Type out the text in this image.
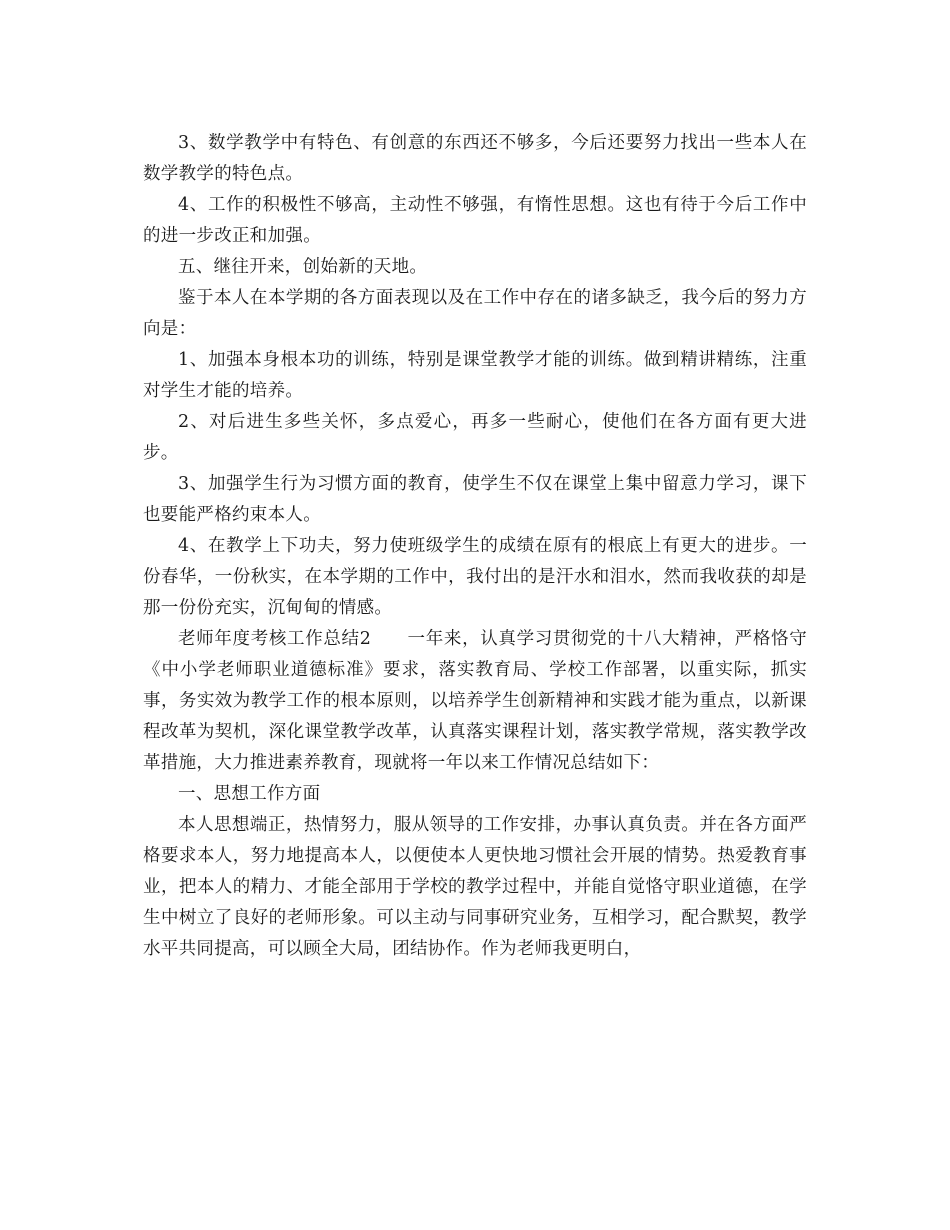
3、数学教学中有特色、有创意的东西还不够多，今后还要努力找出一些本人在数学教学的特色点。

4、工作的积极性不够高，主动性不够强，有惰性思想。这也有待于今后工作中的进一步改正和加强。

五、继往开来，创始新的天地。

鉴于本人在本学期的各方面表现以及在工作中存在的诸多缺乏，我今后的努力方向是：

1、加强本身根本功的训练，特别是课堂教学才能的训练。做到精讲精练，注重对学生才能的培养。

2、对后进生多些关怀，多点爱心，再多一些耐心，使他们在各方面有更大进步。

3、加强学生行为习惯方面的教育，使学生不仅在课堂上集中留意力学习，课下也要能严格约束本人。

4、在教学上下功夫，努力使班级学生的成绩在原有的根底上有更大的进步。一份春华，一份秋实，在本学期的工作中，我付出的是汗水和泪水，然而我收获的却是那一份份充实，沉甸甸的情感。

老师年度考核工作总结2 一年来，认真学习贯彻党的十八大精神，严格恪守《中小学老师职业道德标准》要求，落实教育局、学校工作部署，以重实际，抓实事，务实效为教学工作的根本原则，以培养学生创新精神和实践才能为重点，以新课程改革为契机，深化课堂教学改革，认真落实课程计划，落实教学常规，落实教学改革措施，大力推进素养教育，现就将一年以来工作情况总结如下：

一、思想工作方面

本人思想端正，热情努力，服从领导的工作安排，办事认真负责。并在各方面严格要求本人，努力地提高本人，以便使本人更快地习惯社会开展的情势。热爱教育事业，把本人的精力、才能全部用于学校的教学过程中，并能自觉恪守职业道德，在学生中树立了良好的老师形象。可以主动与同事研究业务，互相学习，配合默契，教学水平共同提高，可以顾全大局，团结协作。作为老师我更明白，
